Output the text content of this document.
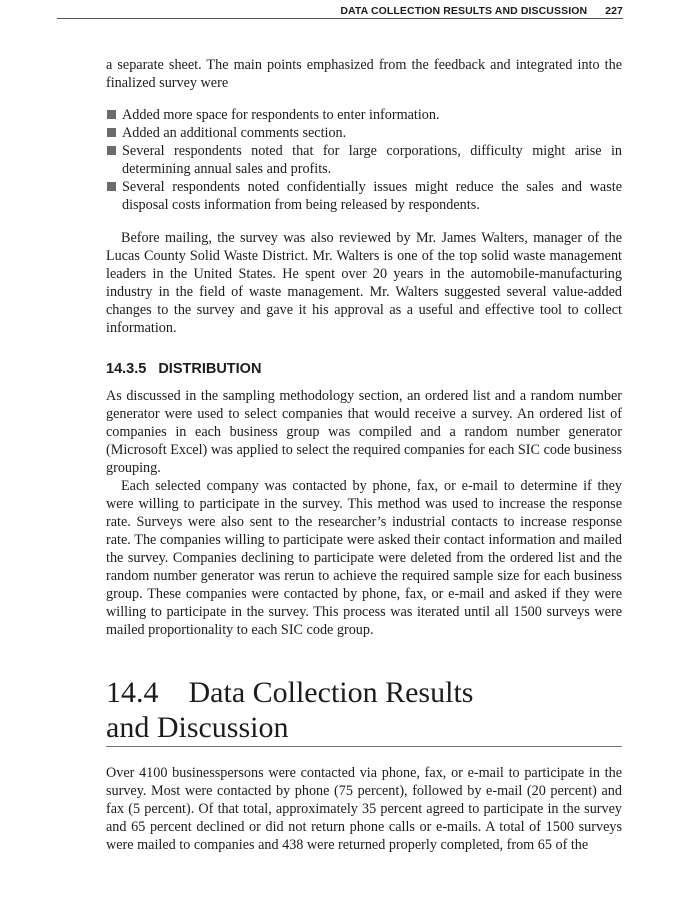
DATA COLLECTION RESULTS AND DISCUSSION 227

a separate sheet. The main points emphasized from the feedback and integrated into the finalized survey were

Added more space for respondents to enter information.
Added an additional comments section.
Several respondents noted that for large corporations, difficulty might arise in determining annual sales and profits.
Several respondents noted confidentially issues might reduce the sales and waste disposal costs information from being released by respondents.

Before mailing, the survey was also reviewed by Mr. James Walters, manager of the Lucas County Solid Waste District. Mr. Walters is one of the top solid waste management leaders in the United States. He spent over 20 years in the automobile-manufacturing industry in the field of waste management. Mr. Walters suggested several value-added changes to the survey and gave it his approval as a useful and effective tool to collect information.

14.3.5 DISTRIBUTION

As discussed in the sampling methodology section, an ordered list and a random number generator were used to select companies that would receive a survey. An ordered list of companies in each business group was compiled and a random number generator (Microsoft Excel) was applied to select the required companies for each SIC code business grouping.

Each selected company was contacted by phone, fax, or e-mail to determine if they were willing to participate in the survey. This method was used to increase the response rate. Surveys were also sent to the researcher’s industrial contacts to increase response rate. The companies willing to participate were asked their contact information and mailed the survey. Companies declining to participate were deleted from the ordered list and the random number generator was rerun to achieve the required sample size for each business group. These companies were contacted by phone, fax, or e-mail and asked if they were willing to participate in the survey. This process was iterated until all 1500 surveys were mailed proportionality to each SIC code group.

14.4 Data Collection Results
and Discussion

Over 4100 businesspersons were contacted via phone, fax, or e-mail to participate in the survey. Most were contacted by phone (75 percent), followed by e-mail (20 percent) and fax (5 percent). Of that total, approximately 35 percent agreed to participate in the survey and 65 percent declined or did not return phone calls or e-mails. A total of 1500 surveys were mailed to companies and 438 were returned properly completed, from 65 of the
